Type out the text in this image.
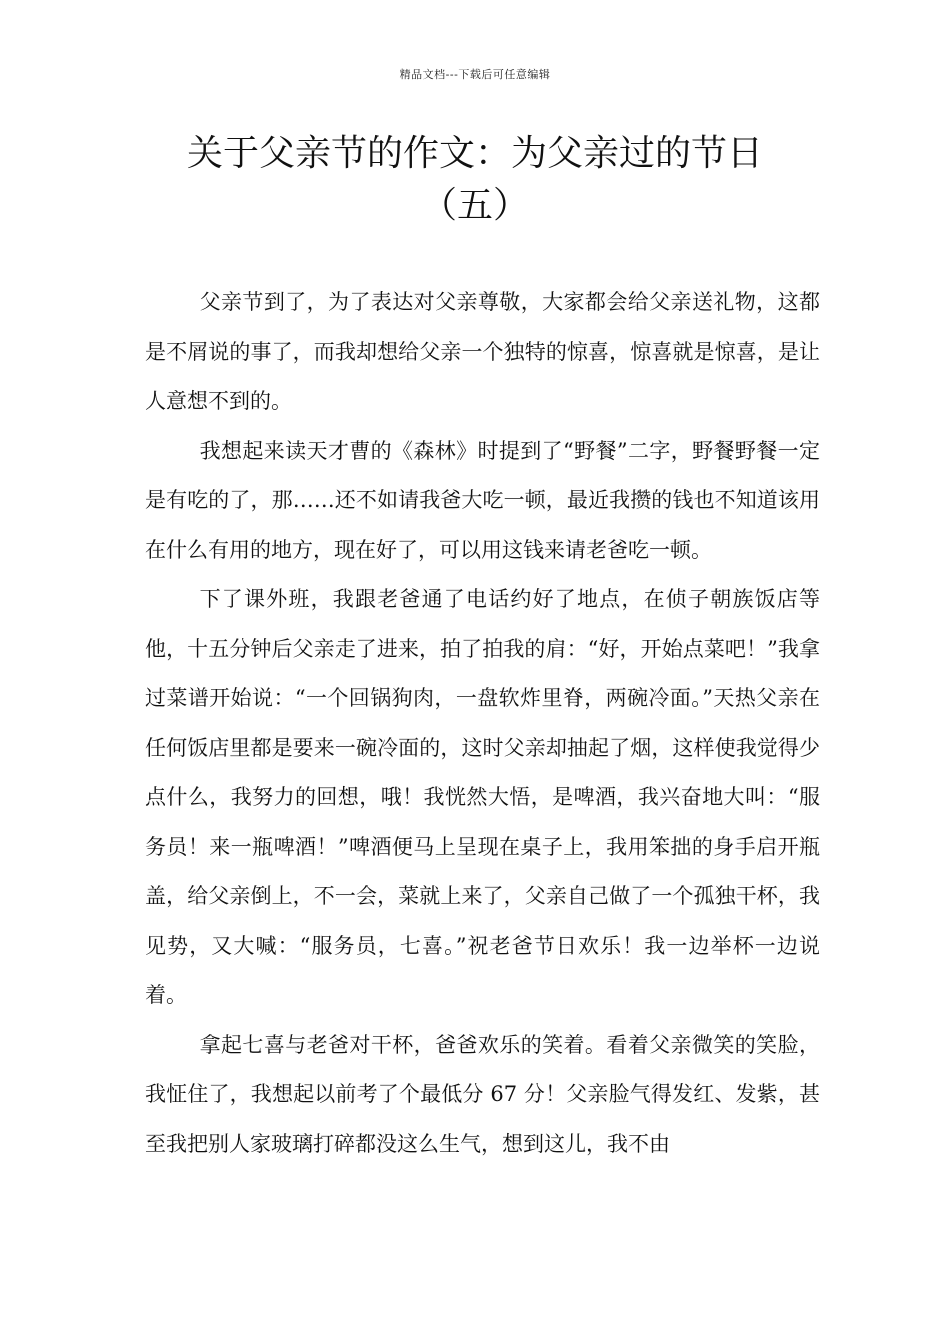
精品文档---下载后可任意编辑
关于父亲节的作文：为父亲过的节日
（五）

父亲节到了，为了表达对父亲尊敬，大家都会给父亲送礼物，这都是不屑说的事了，而我却想给父亲一个独特的惊喜，惊喜就是惊喜，是让人意想不到的。

我想起来读天才曹的《森林》时提到了“野餐”二字，野餐野餐一定是有吃的了，那……还不如请我爸大吃一顿，最近我攒的钱也不知道该用在什么有用的地方，现在好了，可以用这钱来请老爸吃一顿。

下了课外班，我跟老爸通了电话约好了地点，在侦子朝族饭店等他，十五分钟后父亲走了进来，拍了拍我的肩：“好，开始点菜吧！”我拿过菜谱开始说：“一个回锅狗肉，一盘软炸里脊，两碗冷面。”天热父亲在任何饭店里都是要来一碗冷面的，这时父亲却抽起了烟，这样使我觉得少点什么，我努力的回想，哦！我恍然大悟，是啤酒，我兴奋地大叫：“服务员！来一瓶啤酒！”啤酒便马上呈现在桌子上，我用笨拙的身手启开瓶盖，给父亲倒上，不一会，菜就上来了，父亲自己做了一个孤独干杯，我见势，又大喊：“服务员，七喜。”祝老爸节日欢乐！我一边举杯一边说着。

拿起七喜与老爸对干杯，爸爸欢乐的笑着。看着父亲微笑的笑脸，我怔住了，我想起以前考了个最低分 67 分！父亲脸气得发红、发紫，甚至我把别人家玻璃打碎都没这么生气，想到这儿，我不由
